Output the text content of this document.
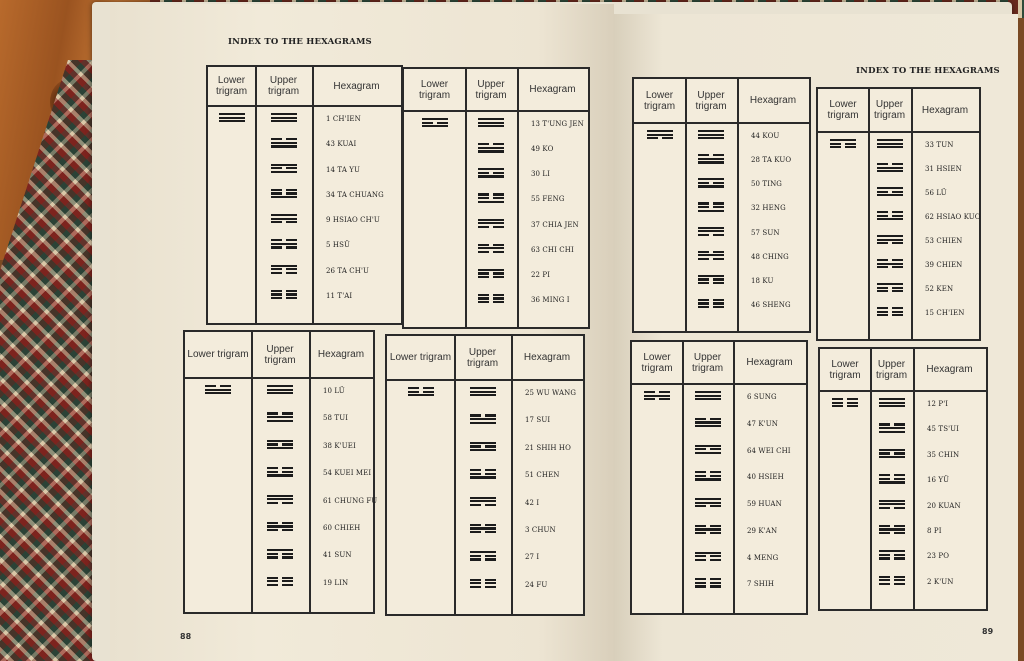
INDEX TO THE HEXAGRAMS
INDEX TO THE HEXAGRAMS
88
89
Lower trigram
Upper trigram	Hexagram
1 CH'IEN
43 KUAI
14 TA YU
34 TA CHUANG
9 HSIAO CH'U
5 HSÜ
26 TA CH'U
11 T'AI
Lower trigram
Upper trigram	Hexagram
13 T'UNG JEN
49 KO
30 LI
55 FENG
37 CHIA JEN
63 CHI CHI
22 PI
36 MING I
Lower trigram	Upper trigram	Hexagram
10 LÜ
58 TUI
38 K'UEI
54 KUEI MEI
61 CHUNG FU
60 CHIEH
41 SUN
19 LIN
Lower trigram	Upper trigram	Hexagram
25 WU WANG
17 SUI
21 SHIH HO
51 CHEN
42 I
3 CHUN
27 I
24 FU
Lower trigram
Upper trigram	Hexagram
44 KOU
28 TA KUO
50 TING
32 HENG
57 SUN
48 CHING
18 KU
46 SHENG
Lower trigram
Upper trigram	Hexagram
33 TUN
31 HSIEN
56 LÜ
62 HSIAO KUO
53 CHIEN
39 CHIEN
52 KEN
15 CH'IEN
Lower trigram
Upper trigram	Hexagram
6 SUNG
47 K'UN
64 WEI CHI
40 HSIEH
59 HUAN
29 K'AN
4 MENG
7 SHIH
Lower trigram
Upper trigram	Hexagram
12 P'I
45 TS'UI
35 CHIN
16 YÜ
20 KUAN
8 PI
23 PO
2 K'UN
